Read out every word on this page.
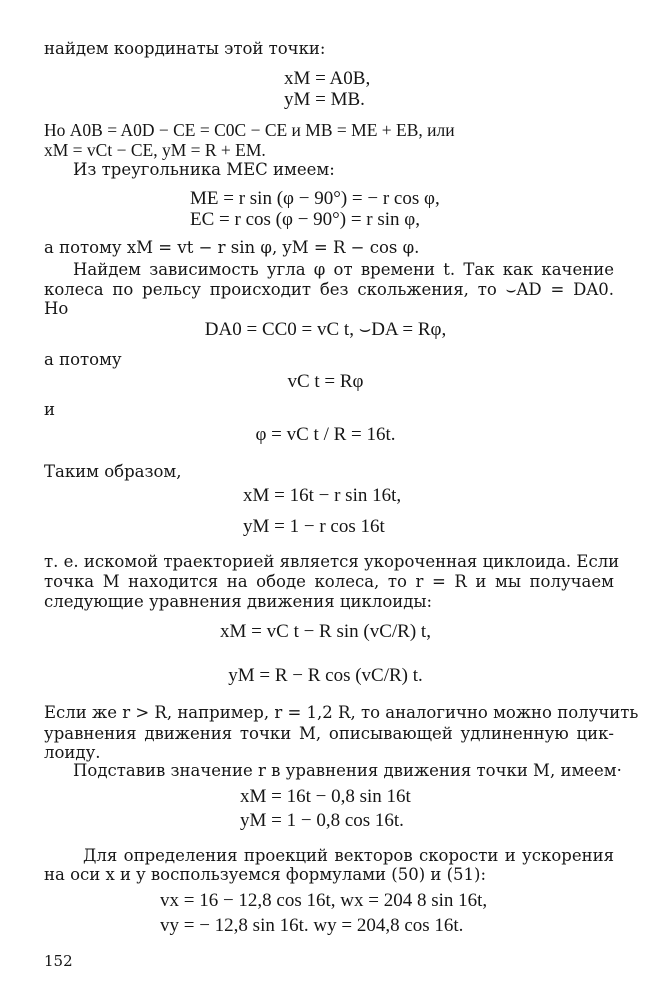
найдем координаты этой точки:
xM = A0B,
yM = MB.
Но A0B = A0D − CE = C0C − CE и MB = ME + EB, или
xM = vCt − CE, yM = R + EM.
Из треугольника MEC имеем:
ME = r sin (φ − 90°) = − r cos φ,
EC = r cos (φ − 90°) = r sin φ,
а потому xM = vt − r sin φ, yM = R − cos φ.
Найдем зависимость угла φ от времени t. Так как качение
колеса по рельсу происходит без скольжения, то ⌣AD = DA0.
Но
DA0 = CC0 = vC t, ⌣DA = Rφ,
а потому
vC t = Rφ
и
φ = vC t / R = 16t.
Таким образом,
xM = 16t − r sin 16t,
yM = 1 − r cos 16t
т. е. искомой траекторией является укороченная циклоида. Если
точка M находится на ободе колеса, то r = R и мы получаем
следующие уравнения движения циклоиды:
xM = vC t − R sin (vC/R) t,
yM = R − R cos (vC/R) t.
Если же r > R, например, r = 1,2 R, то аналогично можно получить
уравнения движения точки M, описывающей удлиненную цик-
лоиду.
Подставив значение r в уравнения движения точки M, имеем·
xM = 16t − 0,8 sin 16t
yM = 1 − 0,8 cos 16t.
Для определения проекций векторов скорости и ускорения
на оси x и y воспользуемся формулами (50) и (51):
vx = 16 − 12,8 cos 16t, wx = 204 8 sin 16t,
vy = − 12,8 sin 16t. wy = 204,8 cos 16t.
152
